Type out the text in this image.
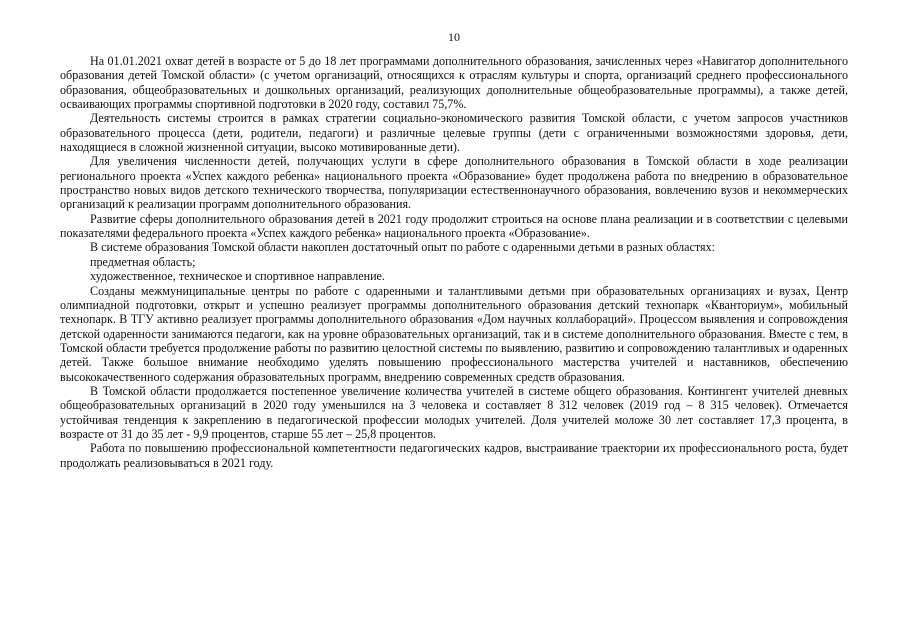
10

На 01.01.2021 охват детей в возрасте от 5 до 18 лет программами дополнительного образования, зачисленных через «Навигатор дополнительного образования детей Томской области» (с учетом организаций, относящихся к отраслям культуры и спорта, организаций среднего профессионального образования, общеобразовательных и дошкольных организаций, реализующих дополнительные общеобразовательные программы), а также детей, осваивающих программы спортивной подготовки в 2020 году, составил 75,7%.

Деятельность системы строится в рамках стратегии социально-экономического развития Томской области, с учетом запросов участников образовательного процесса (дети, родители, педагоги) и различные целевые группы (дети с ограниченными возможностями здоровья, дети, находящиеся в сложной жизненной ситуации, высоко мотивированные дети).

Для увеличения численности детей, получающих услуги в сфере дополнительного образования в Томской области в ходе реализации регионального проекта «Успех каждого ребенка» национального проекта «Образование» будет продолжена работа по внедрению в образовательное пространство новых видов детского технического творчества, популяризации естественнонаучного образования, вовлечению вузов и некоммерческих организаций к реализации программ дополнительного образования.

Развитие сферы дополнительного образования детей в 2021 году продолжит строиться на основе плана реализации и в соответствии с целевыми показателями федерального проекта «Успех каждого ребенка» национального проекта «Образование».

В системе образования Томской области накоплен достаточный опыт по работе с одаренными детьми в разных областях:

предметная область;

художественное, техническое и спортивное направление.

Созданы межмуниципальные центры по работе с одаренными и талантливыми детьми при образовательных организациях и вузах, Центр олимпиадной подготовки, открыт и успешно реализует программы дополнительного образования детский технопарк «Кванториум», мобильный технопарк. В ТГУ активно реализует программы дополнительного образования «Дом научных коллабораций». Процессом выявления и сопровождения детской одаренности занимаются педагоги, как на уровне образовательных организаций, так и в системе дополнительного образования. Вместе с тем, в Томской области требуется продолжение работы по развитию целостной системы по выявлению, развитию и сопровождению талантливых и одаренных детей. Также большое внимание необходимо уделять повышению профессионального мастерства учителей и наставников, обеспечению высококачественного содержания образовательных программ, внедрению современных средств образования.

В Томской области продолжается постепенное увеличение количества учителей в системе общего образования. Контингент учителей дневных общеобразовательных организаций в 2020 году уменьшился на 3 человека и составляет 8 312 человек (2019 год – 8 315 человек). Отмечается устойчивая тенденция к закреплению в педагогической профессии молодых учителей. Доля учителей моложе 30 лет составляет 17,3 процента, в возрасте от 31 до 35 лет - 9,9 процентов, старше 55 лет – 25,8 процентов.

Работа по повышению профессиональной компетентности педагогических кадров, выстраивание траектории их профессионального роста, будет продолжать реализовываться в 2021 году.
